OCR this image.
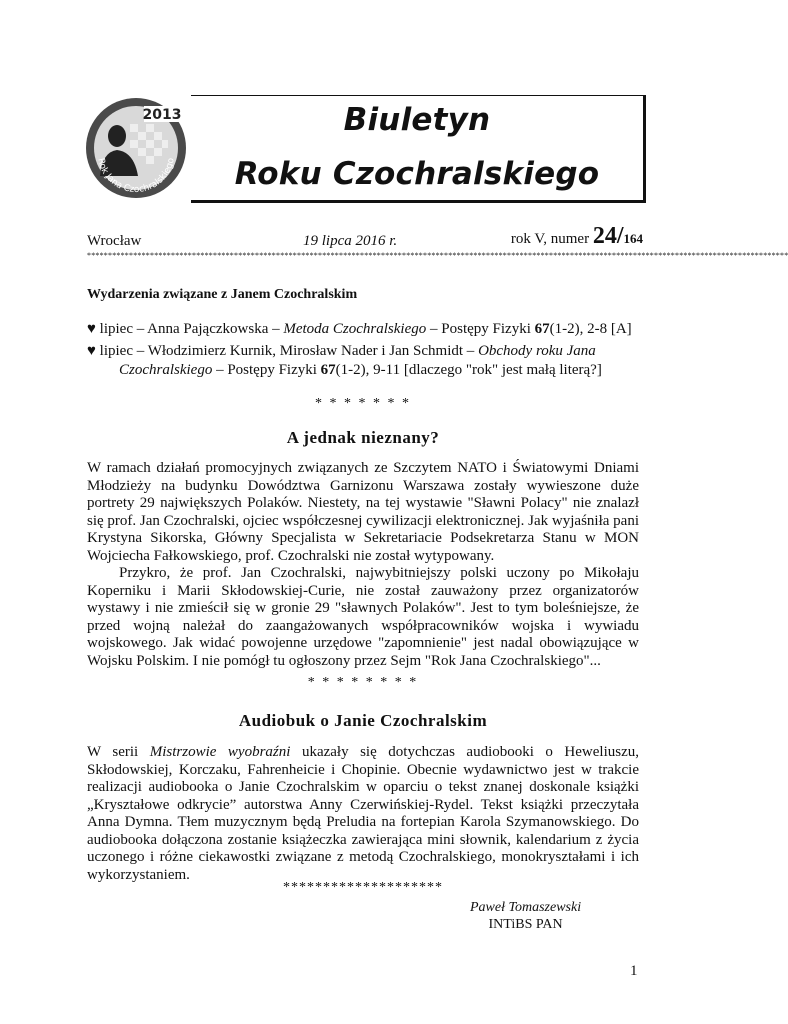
2013
Rok Jana Czochralskiego
Biuletyn
Roku Czochralskiego
Wrocław	19 lipca 2016 r.	rok V, numer 24/164
***********************************************************************************************************************************************************************
Wydarzenia związane z Janem Czochralskim
♥ lipiec – Anna Pajączkowska – Metoda Czochralskiego – Postępy Fizyki 67(1-2), 2-8 [A]
♥ lipiec – Włodzimierz Kurnik, Mirosław Nader i Jan Schmidt – Obchody roku Jana
Czochralskiego – Postępy Fizyki 67(1-2), 9-11 [dlaczego "rok" jest małą literą?]
* * * * * * *
A jednak nieznany?

W ramach działań promocyjnych związanych ze Szczytem NATO i Światowymi Dniami Młodzieży na budynku Dowództwa Garnizonu Warszawa zostały wywieszone duże portrety 29 największych Polaków. Niestety, na tej wystawie "Sławni Polacy" nie znalazł się prof. Jan Czochralski, ojciec współczesnej cywilizacji elektronicznej. Jak wyjaśniła pani Krystyna Sikorska, Główny Specjalista w Sekretariacie Podsekretarza Stanu w MON Wojciecha Fałkowskiego, prof. Czochralski nie został wytypowany.

Przykro, że prof. Jan Czochralski, najwybitniejszy polski uczony po Mikołaju Koperniku i Marii Skłodowskiej-Curie, nie został zauważony przez organizatorów wystawy i nie zmieścił się w gronie 29 "sławnych Polaków". Jest to tym boleśniejsze, że przed wojną należał do zaangażowanych współpracowników wojska i wywiadu wojskowego. Jak widać powojenne urzędowe "zapomnienie" jest nadal obowiązujące w Wojsku Polskim. I nie pomógł tu ogłoszony przez Sejm "Rok Jana Czochralskiego"...

* * * * * * * *
Audiobuk o Janie Czochralskim

W serii Mistrzowie wyobraźni ukazały się dotychczas audiobooki o Heweliuszu, Skłodowskiej, Korczaku, Fahrenheicie i Chopinie. Obecnie wydawnictwo jest w trakcie realizacji audiobooka o Janie Czochralskim w oparciu o tekst znanej doskonale książki „Kryształowe odkrycie” autorstwa Anny Czerwińskiej-Rydel. Tekst książki przeczytała Anna Dymna. Tłem muzycznym będą Preludia na fortepian Karola Szymanowskiego. Do audiobooka dołączona zostanie książeczka zawierająca mini słownik, kalendarium z życia uczonego i różne ciekawostki związane z metodą Czochralskiego, monokryształami i ich wykorzystaniem.

********************
Paweł Tomaszewski
INTiBS PAN
1
